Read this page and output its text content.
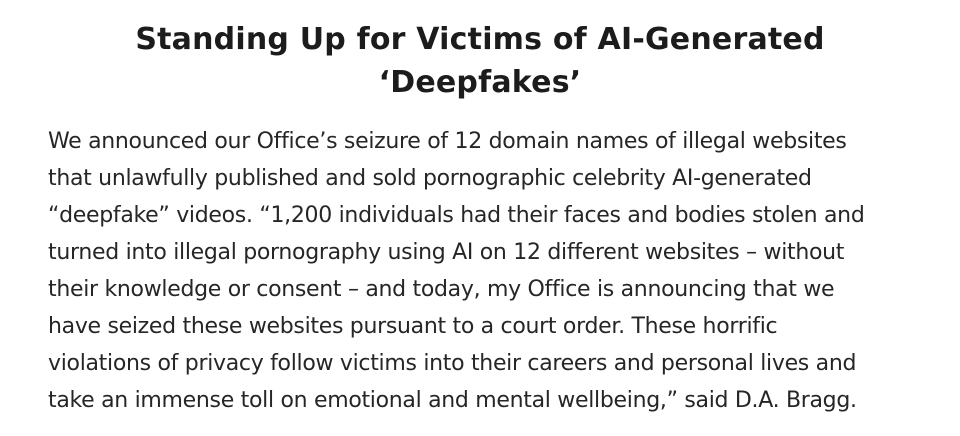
Standing Up for Victims of AI-Generated
‘Deepfakes’

We announced our Office’s seizure of 12 domain names of illegal websites
that unlawfully published and sold pornographic celebrity AI-generated
“deepfake” videos. “1,200 individuals had their faces and bodies stolen and
turned into illegal pornography using AI on 12 different websites – without
their knowledge or consent – and today, my Office is announcing that we
have seized these websites pursuant to a court order. These horrific
violations of privacy follow victims into their careers and personal lives and
take an immense toll on emotional and mental wellbeing,” said D.A. Bragg.
